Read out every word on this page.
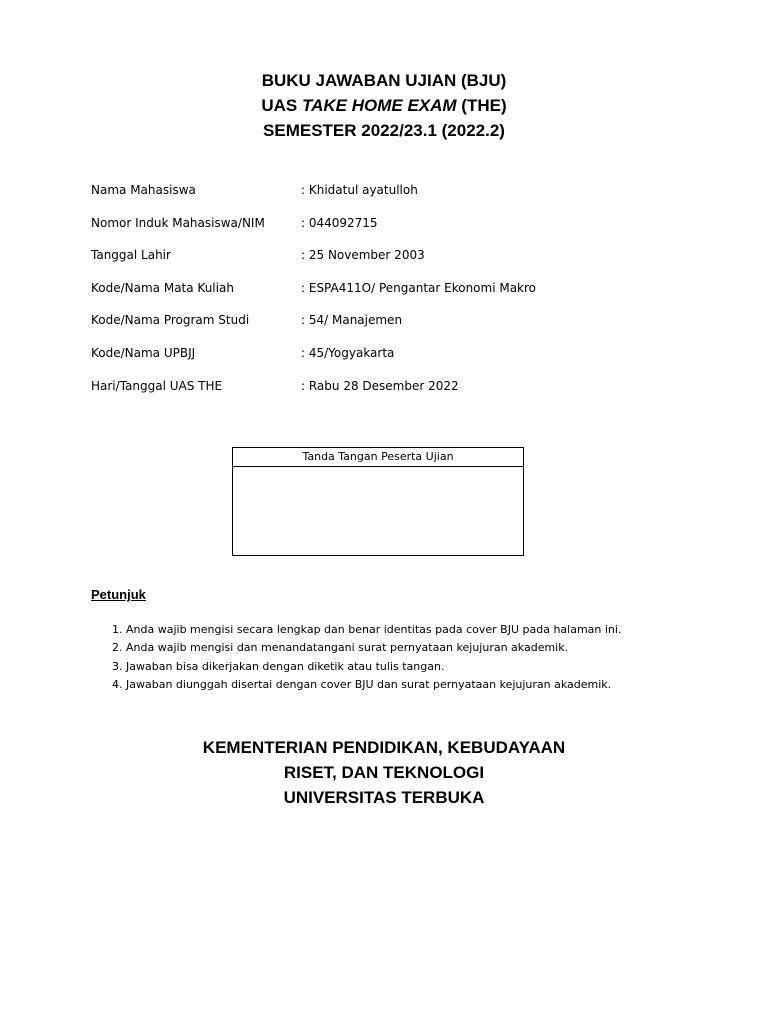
BUKU JAWABAN UJIAN (BJU)
UAS TAKE HOME EXAM (THE)
SEMESTER 2022/23.1 (2022.2)
Nama Mahasiswa	: Khidatul ayatulloh
Nomor Induk Mahasiswa/NIM	: 044092715
Tanggal Lahir	: 25 November 2003
Kode/Nama Mata Kuliah	: ESPA411O/ Pengantar Ekonomi Makro
Kode/Nama Program Studi	: 54/ Manajemen
Kode/Nama UPBJJ	: 45/Yogyakarta
Hari/Tanggal UAS THE	: Rabu 28 Desember 2022
Tanda Tangan Peserta Ujian
Petunjuk
1. Anda wajib mengisi secara lengkap dan benar identitas pada cover BJU pada halaman ini.
2. Anda wajib mengisi dan menandatangani surat pernyataan kejujuran akademik.
3. Jawaban bisa dikerjakan dengan diketik atau tulis tangan.
4. Jawaban diunggah disertai dengan cover BJU dan surat pernyataan kejujuran akademik.
KEMENTERIAN PENDIDIKAN, KEBUDAYAAN
RISET, DAN TEKNOLOGI
UNIVERSITAS TERBUKA
